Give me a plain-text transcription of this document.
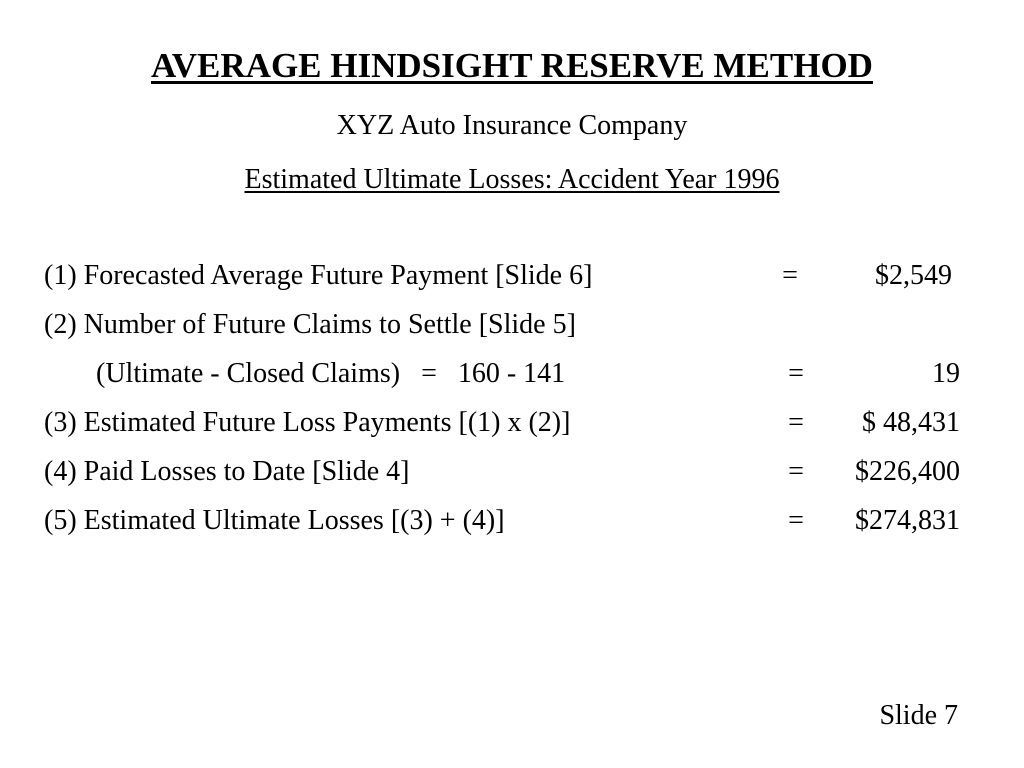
AVERAGE HINDSIGHT RESERVE METHOD
XYZ Auto Insurance Company
Estimated Ultimate Losses: Accident Year 1996
(1) Forecasted Average Future Payment [Slide 6]	=	$2,549
(2) Number of Future Claims to Settle [Slide 5]
(Ultimate - Closed Claims)   =   160 - 141	=	19
(3) Estimated Future Loss Payments [(1) x (2)]	=	$ 48,431
(4) Paid Losses to Date [Slide 4]	=	$226,400
(5) Estimated Ultimate Losses [(3) + (4)]	=	$274,831
Slide 7
